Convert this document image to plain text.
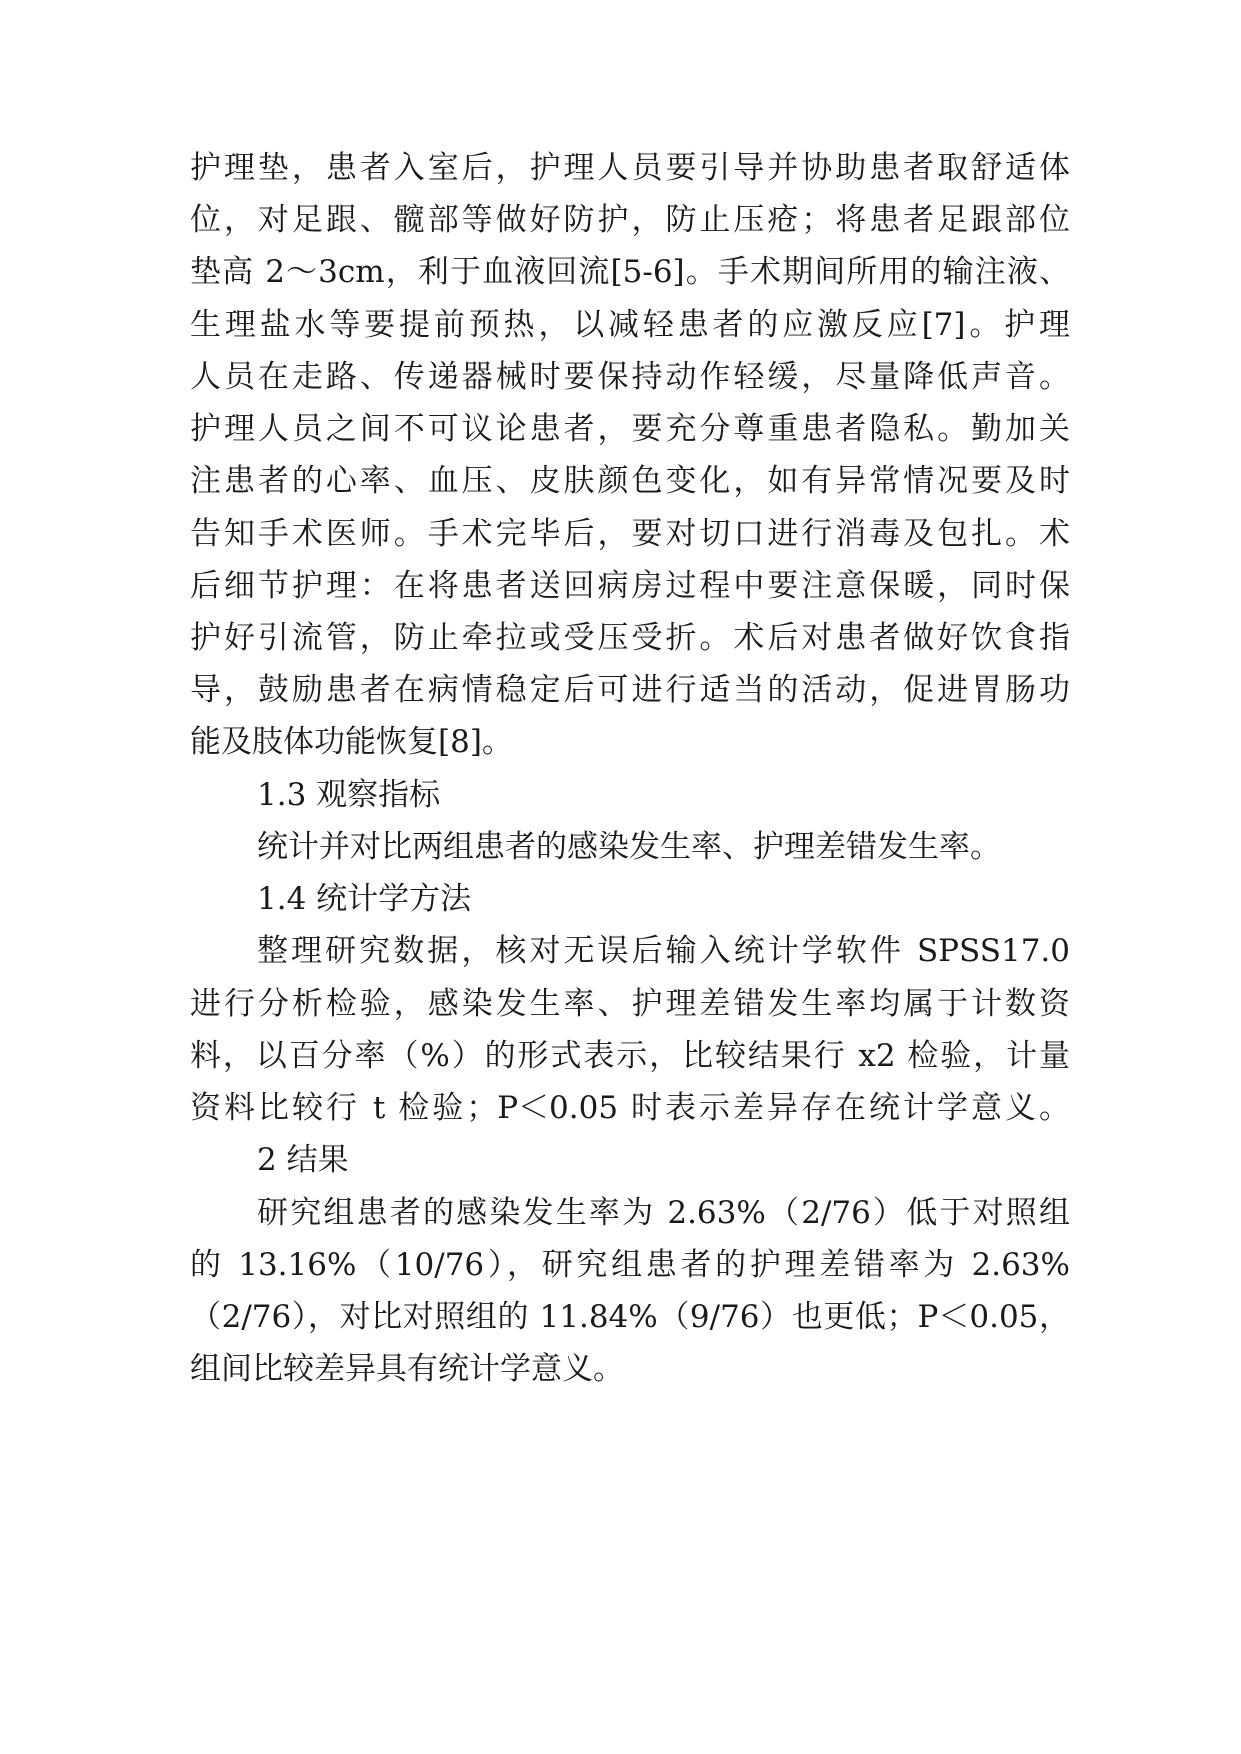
护理垫，患者入室后，护理人员要引导并协助患者取舒适体
位，对足跟、髋部等做好防护，防止压疮；将患者足跟部位
垫高 2～3cm，利于血液回流[5-6]。手术期间所用的输注液、
生理盐水等要提前预热，以减轻患者的应激反应[7]。护理
人员在走路、传递器械时要保持动作轻缓，尽量降低声音。
护理人员之间不可议论患者，要充分尊重患者隐私。勤加关
注患者的心率、血压、皮肤颜色变化，如有异常情况要及时
告知手术医师。手术完毕后，要对切口进行消毒及包扎。术
后细节护理：在将患者送回病房过程中要注意保暖，同时保
护好引流管，防止牵拉或受压受折。术后对患者做好饮食指
导，鼓励患者在病情稳定后可进行适当的活动，促进胃肠功
能及肢体功能恢复[8]。
1.3 观察指标
统计并对比两组患者的感染发生率、护理差错发生率。
1.4 统计学方法
整理研究数据，核对无误后输入统计学软件 SPSS17.0
进行分析检验，感染发生率、护理差错发生率均属于计数资
料，以百分率（%）的形式表示，比较结果行 x2 检验，计量
资料比较行 t 检验；P＜0.05 时表示差异存在统计学意义。
2 结果
研究组患者的感染发生率为 2.63%（2/76）低于对照组
的 13.16%（10/76），研究组患者的护理差错率为 2.63%
（2/76），对比对照组的 11.84%（9/76）也更低；P＜0.05，
组间比较差异具有统计学意义。
